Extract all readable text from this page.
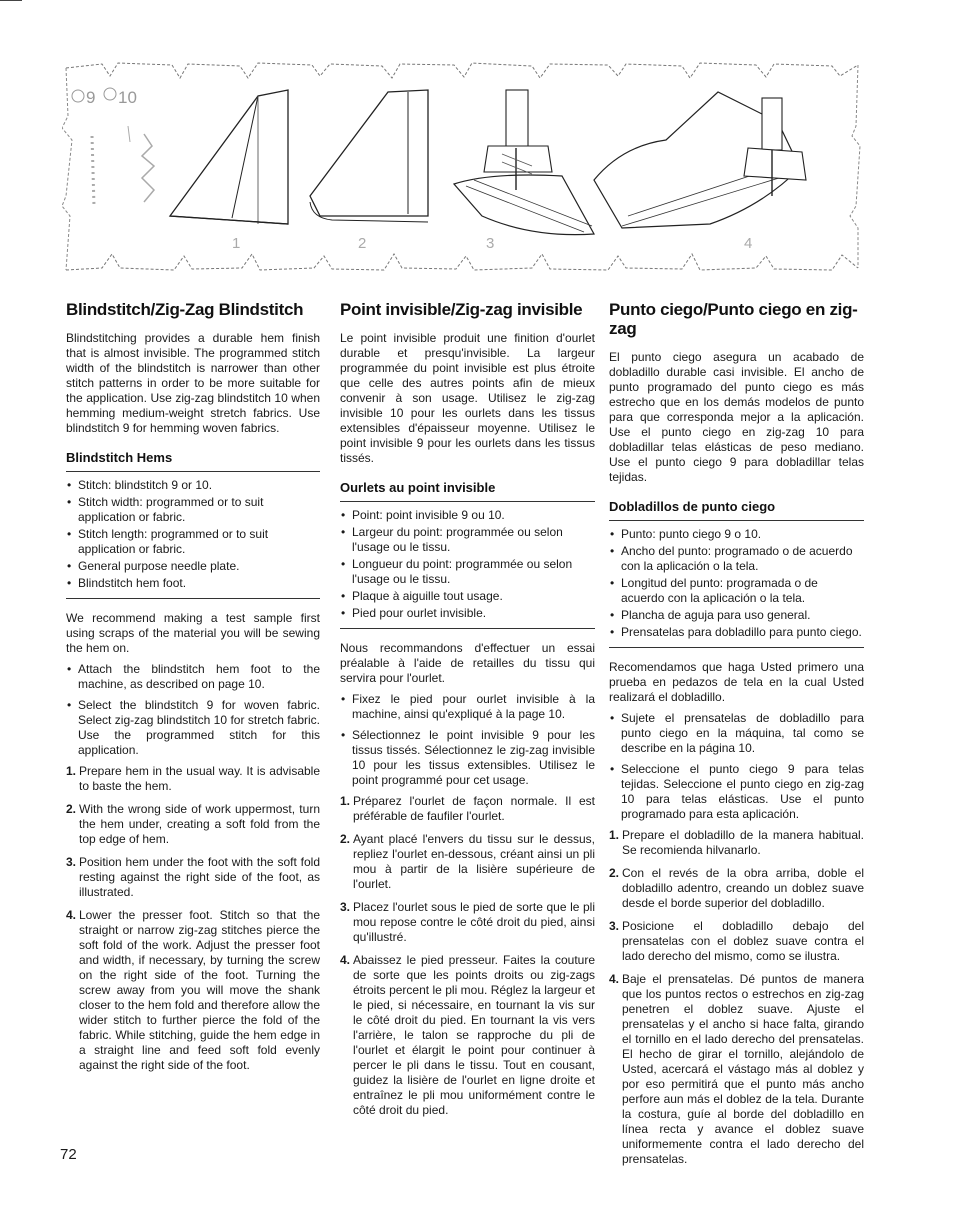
9 10
1	2	3	4
Blindstitch/Zig-Zag Blindstitch

Blindstitching provides a durable hem finish that is almost invisible. The programmed stitch width of the blindstitch is narrower than other stitch patterns in order to be more suitable for the application. Use zig-zag blindstitch 10 when hemming medium-weight stretch fabrics. Use blindstitch 9 for hemming woven fabrics.

Blindstitch Hems
• Stitch: blindstitch 9 or 10.
• Stitch width: programmed or to suit application or fabric.
• Stitch length: programmed or to suit application or fabric.
• General purpose needle plate.
• Blindstitch hem foot.

We recommend making a test sample first using scraps of the material you will be sewing the hem on.

• Attach the blindstitch hem foot to the machine, as described on page 10.

• Select the blindstitch 9 for woven fabric. Select zig-zag blindstitch 10 for stretch fabric. Use the programmed stitch for this application.

1. Prepare hem in the usual way. It is advisable to baste the hem.

2. With the wrong side of work uppermost, turn the hem under, creating a soft fold from the top edge of hem.

3. Position hem under the foot with the soft fold resting against the right side of the foot, as illustrated.

4. Lower the presser foot. Stitch so that the straight or narrow zig-zag stitches pierce the soft fold of the work. Adjust the presser foot and width, if necessary, by turning the screw on the right side of the foot. Turning the screw away from you will move the shank closer to the hem fold and therefore allow the wider stitch to further pierce the fold of the fabric. While stitching, guide the hem edge in a straight line and feed soft fold evenly against the right side of the foot.

Point invisible/Zig-zag invisible

Le point invisible produit une finition d'ourlet durable et presqu'invisible. La largeur programmée du point invisible est plus étroite que celle des autres points afin de mieux convenir à son usage. Utilisez le zig-zag invisible 10 pour les ourlets dans les tissus extensibles d'épaisseur moyenne. Utilisez le point invisible 9 pour les ourlets dans les tissus tissés.

Ourlets au point invisible
• Point: point invisible 9 ou 10.
• Largeur du point: programmée ou selon l'usage ou le tissu.
• Longueur du point: programmée ou selon l'usage ou le tissu.
• Plaque à aiguille tout usage.
• Pied pour ourlet invisible.

Nous recommandons d'effectuer un essai préalable à l'aide de retailles du tissu qui servira pour l'ourlet.

• Fixez le pied pour ourlet invisible à la machine, ainsi qu'expliqué à la page 10.

• Sélectionnez le point invisible 9 pour les tissus tissés. Sélectionnez le zig-zag invisible 10 pour les tissus extensibles. Utilisez le point programmé pour cet usage.

1. Préparez l'ourlet de façon normale. Il est préférable de faufiler l'ourlet.

2. Ayant placé l'envers du tissu sur le dessus, repliez l'ourlet en-dessous, créant ainsi un pli mou à partir de la lisière supérieure de l'ourlet.

3. Placez l'ourlet sous le pied de sorte que le pli mou repose contre le côté droit du pied, ainsi qu'illustré.

4. Abaissez le pied presseur. Faites la couture de sorte que les points droits ou zig-zags étroits percent le pli mou. Réglez la largeur et le pied, si nécessaire, en tournant la vis sur le côté droit du pied. En tournant la vis vers l'arrière, le talon se rapproche du pli de l'ourlet et élargit le point pour continuer à percer le pli dans le tissu. Tout en cousant, guidez la lisière de l'ourlet en ligne droite et entraînez le pli mou uniformément contre le côté droit du pied.

Punto ciego/Punto ciego en zig-zag

El punto ciego asegura un acabado de dobladillo durable casi invisible. El ancho de punto programado del punto ciego es más estrecho que en los demás modelos de punto para que corresponda mejor a la aplicación. Use el punto ciego en zig-zag 10 para dobladillar telas elásticas de peso mediano. Use el punto ciego 9 para dobladillar telas tejidas.

Dobladillos de punto ciego
• Punto: punto ciego 9 o 10.
• Ancho del punto: programado o de acuerdo con la aplicación o la tela.
• Longitud del punto: programada o de acuerdo con la aplicación o la tela.
• Plancha de aguja para uso general.
• Prensatelas para dobladillo para punto ciego.

Recomendamos que haga Usted primero una prueba en pedazos de tela en la cual Usted realizará el dobladillo.

• Sujete el prensatelas de dobladillo para punto ciego en la máquina, tal como se describe en la página 10.

• Seleccione el punto ciego 9 para telas tejidas. Seleccione el punto ciego en zig-zag 10 para telas elásticas. Use el punto programado para esta aplicación.

1. Prepare el dobladillo de la manera habitual. Se recomienda hilvanarlo.

2. Con el revés de la obra arriba, doble el dobladillo adentro, creando un doblez suave desde el borde superior del dobladillo.

3. Posicione el dobladillo debajo del prensatelas con el doblez suave contra el lado derecho del mismo, como se ilustra.

4. Baje el prensatelas. Dé puntos de manera que los puntos rectos o estrechos en zig-zag penetren el doblez suave. Ajuste el prensatelas y el ancho si hace falta, girando el tornillo en el lado derecho del prensatelas. El hecho de girar el tornillo, alejándolo de Usted, acercará el vástago más al doblez y por eso permitirá que el punto más ancho perfore aun más el doblez de la tela. Durante la costura, guíe al borde del dobladillo en línea recta y avance el doblez suave uniformemente contra el lado derecho del prensatelas.

72
